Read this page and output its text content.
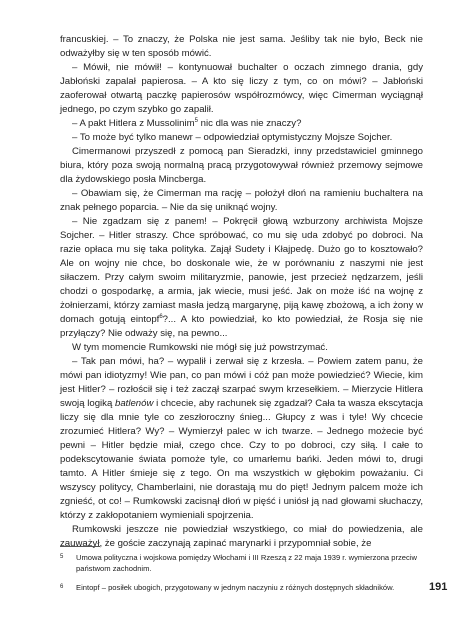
francuskiej. – To znaczy, że Polska nie jest sama. Jeśliby tak nie było, Beck nie odważyłby się w ten sposób mówić.

– Mówił, nie mówił! – kontynuował buchalter o oczach zimnego drania, gdy Jabłoński zapalał papierosa. – A kto się liczy z tym, co on mówi? – Jabłoński zaoferował otwartą paczkę papierosów współrozmówcy, więc Cimerman wyciągnął jednego, po czym szybko go zapalił.

– A pakt Hitlera z Mussolinim$^5$ nic dla was nie znaczy?

– To może być tylko manewr – odpowiedział optymistyczny Mojsze Sojcher.

Cimermanowi przyszedł z pomocą pan Sieradzki, inny przedstawiciel gminnego biura, który poza swoją normalną pracą przygotowywał również przemowy sejmowe dla żydowskiego posła Mincberga.

– Obawiam się, że Cimerman ma rację – położył dłoń na ramieniu buchaltera na znak pełnego poparcia. – Nie da się uniknąć wojny.

– Nie zgadzam się z panem! – Pokręcił głową wzburzony archiwista Mojsze Sojcher. – Hitler straszy. Chce spróbować, co mu się uda zdobyć po dobroci. Na razie opłaca mu się taka polityka. Zajął Sudety i Kłajpedę. Dużo go to kosztowało? Ale on wojny nie chce, bo doskonale wie, że w porównaniu z naszymi nie jest siłaczem. Przy całym swoim militaryzmie, panowie, jest przecież nędzarzem, jeśli chodzi o gospodarkę, a armia, jak wiecie, musi jeść. Jak on może iść na wojnę z żołnierzami, którzy zamiast masła jedzą margarynę, piją kawę zbożową, a ich żony w domach gotują eintopf$^6$?... A kto powiedział, ko kto powiedział, że Rosja się nie przyłączy? Nie odważy się, na pewno...

W tym momencie Rumkowski nie mógł się już powstrzymać.

– Tak pan mówi, ha? – wypalił i zerwał się z krzesła. – Powiem zatem panu, że mówi pan idiotyzmy! Wie pan, co pan mówi i cóż pan może powiedzieć? Wiecie, kim jest Hitler? – rozłościł się i też zaczął szarpać swym krzesełkiem. – Mierzycie Hitlera swoją logiką batlenów i chcecie, aby rachunek się zgadzał? Cała ta wasza ekscytacja liczy się dla mnie tyle co zeszłoroczny śnieg... Głupcy z was i tyle! Wy chcecie zrozumieć Hitlera? Wy? – Wymierzył palec w ich twarze. – Jednego możecie być pewni – Hitler będzie miał, czego chce. Czy to po dobroci, czy siłą. I całe to podekscytowanie świata pomoże tyle, co umarłemu bańki. Jeden mówi to, drugi tamto. A Hitler śmieje się z tego. On ma wszystkich w głębokim poważaniu. Ci wszyscy politycy, Chamberlaini, nie dorastają mu do pięt! Jednym palcem może ich zgnieść, ot co! – Rumkowski zacisnął dłoń w pięść i uniósł ją nad głowami słuchaczy, którzy z zakłopotaniem wymieniali spojrzenia.

Rumkowski jeszcze nie powiedział wszystkiego, co miał do powiedzenia, ale zauważył, że goście zaczynają zapinać marynarki i przypomniał sobie, że

5 Umowa polityczna i wojskowa pomiędzy Włochami i III Rzeszą z 22 maja 1939 r. wymierzona przeciw państwom zachodnim.
6 Eintopf – posiłek ubogich, przygotowany w jednym naczyniu z różnych dostępnych składników.	191
